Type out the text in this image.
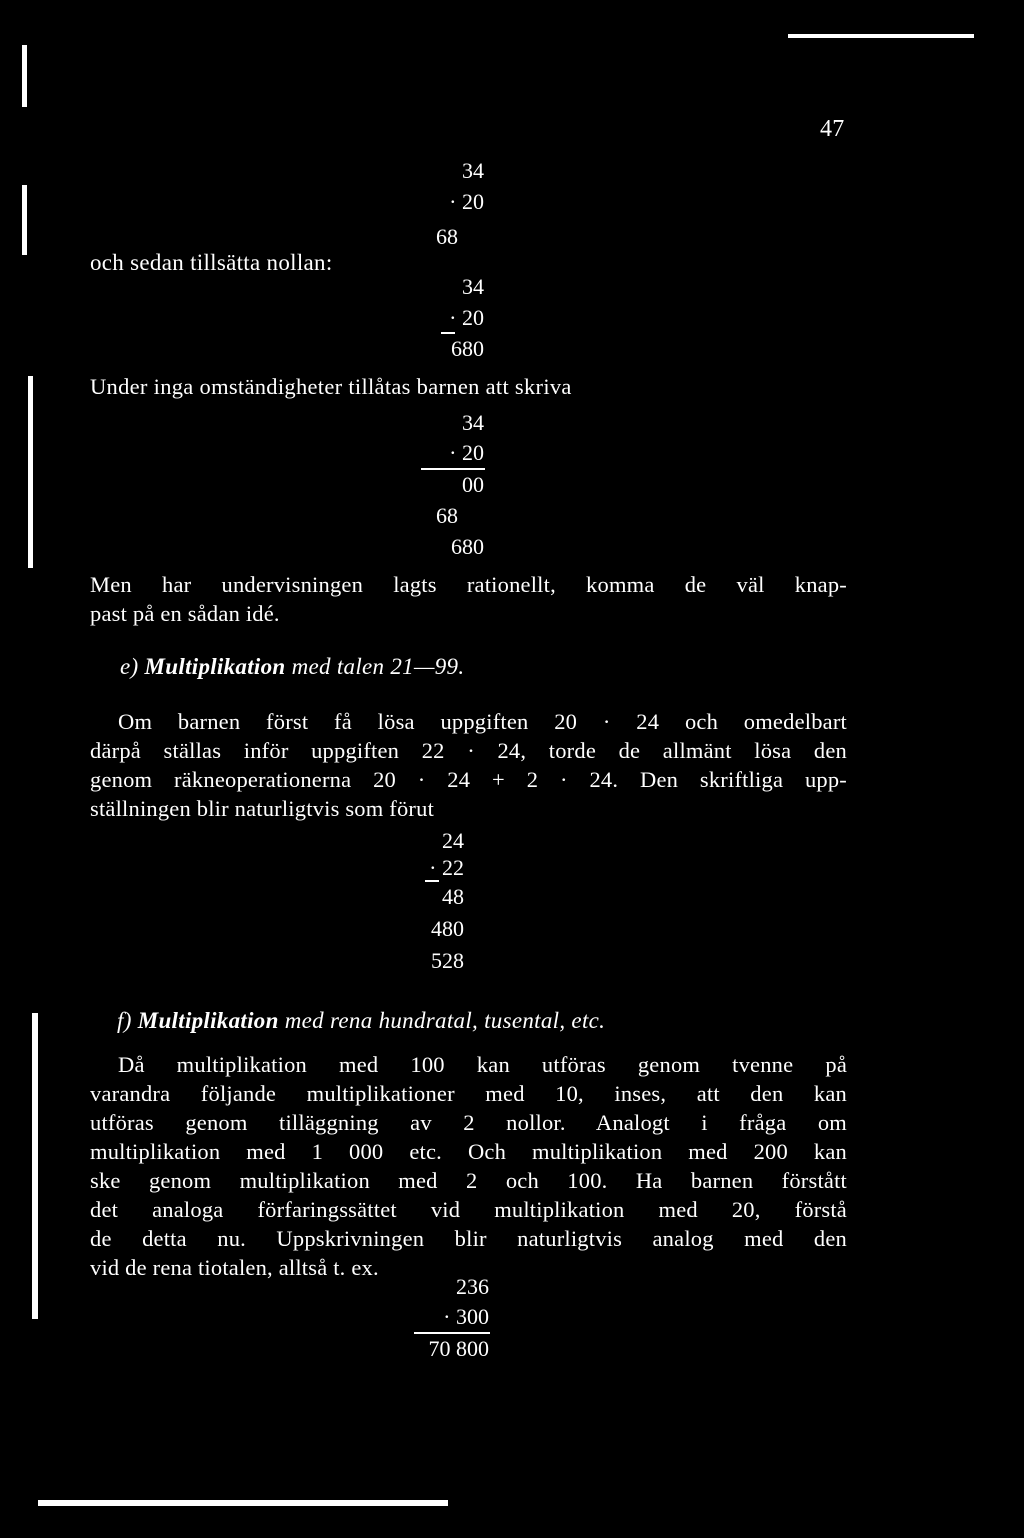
47
och sedan tillsätta nollan:
34
· 20
68
34
· 20
680
Under inga omständigheter tillåtas barnen att skriva
34
· 20
00
68
680
Men har undervisningen lagts rationellt, komma de väl knap-
past på en sådan idé.
e) Multiplikation med talen 21—99.
Om barnen först få lösa uppgiften 20 · 24 och omedelbart
därpå ställas inför uppgiften 22 · 24, torde de allmänt lösa den
genom räkneoperationerna 20 · 24 + 2 · 24. Den skriftliga upp-
ställningen blir naturligtvis som förut
24
· 22
48
480
528
f) Multiplikation med rena hundratal, tusental, etc.
Då multiplikation med 100 kan utföras genom tvenne på
varandra följande multiplikationer med 10, inses, att den kan
utföras genom tilläggning av 2 nollor. Analogt i fråga om
multiplikation med 1 000 etc. Och multiplikation med 200 kan
ske genom multiplikation med 2 och 100. Ha barnen förstått
det analoga förfaringssättet vid multiplikation med 20, förstå
de detta nu. Uppskrivningen blir naturligtvis analog med den
vid de rena tiotalen, alltså t. ex.
236
· 300
70 800
